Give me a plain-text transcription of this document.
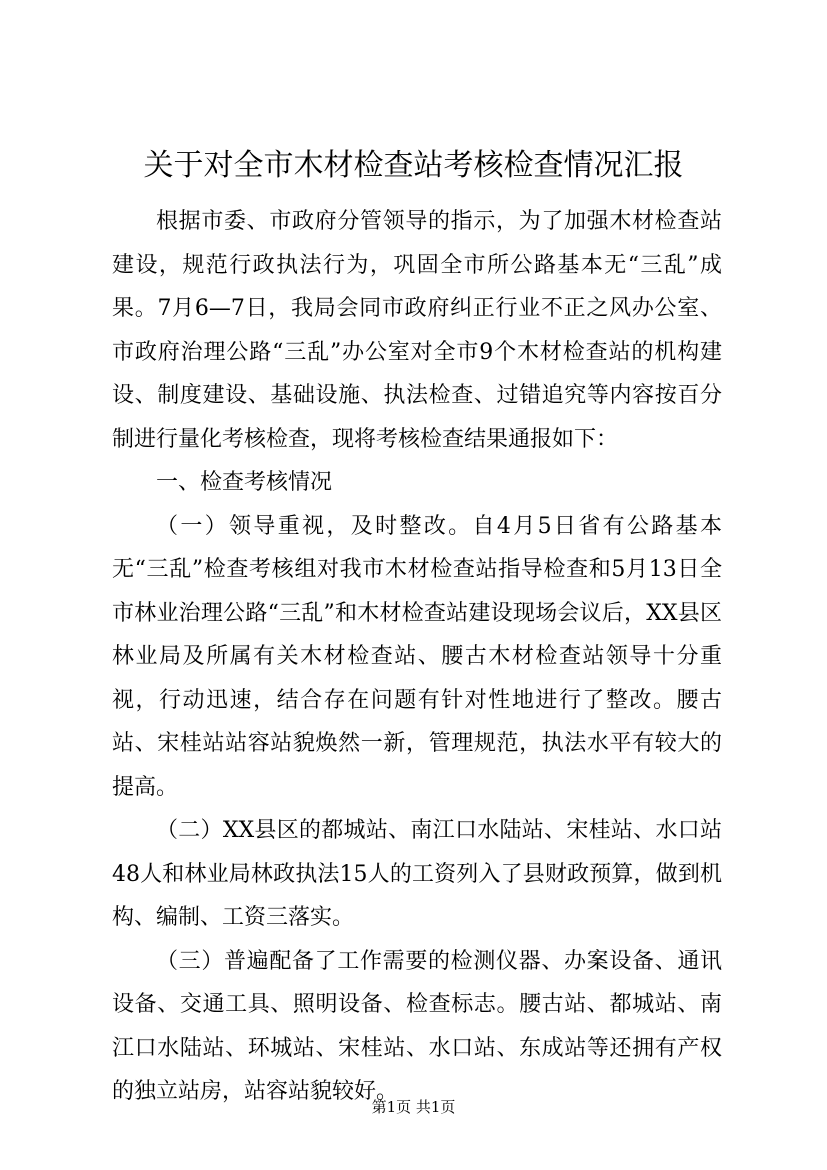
关于对全市木材检查站考核检查情况汇报

根据市委、市政府分管领导的指示，为了加强木材检查站建设，规范行政执法行为，巩固全市所公路基本无“三乱”成果。7月6—7日，我局会同市政府纠正行业不正之风办公室、市政府治理公路“三乱”办公室对全市9个木材检查站的机构建设、制度建设、基础设施、执法检查、过错追究等内容按百分制进行量化考核检查，现将考核检查结果通报如下：

一、检查考核情况

（一）领导重视，及时整改。自4月5日省有公路基本无“三乱”检查考核组对我市木材检查站指导检查和5月13日全市林业治理公路“三乱”和木材检查站建设现场会议后，XX县区林业局及所属有关木材检查站、腰古木材检查站领导十分重视，行动迅速，结合存在问题有针对性地进行了整改。腰古站、宋桂站站容站貌焕然一新，管理规范，执法水平有较大的提高。

（二）XX县区的都城站、南江口水陆站、宋桂站、水口站48人和林业局林政执法15人的工资列入了县财政预算，做到机构、编制、工资三落实。

（三）普遍配备了工作需要的检测仪器、办案设备、通讯设备、交通工具、照明设备、检查标志。腰古站、都城站、南江口水陆站、环城站、宋桂站、水口站、东成站等还拥有产权的独立站房，站容站貌较好。

第1页 共1页
